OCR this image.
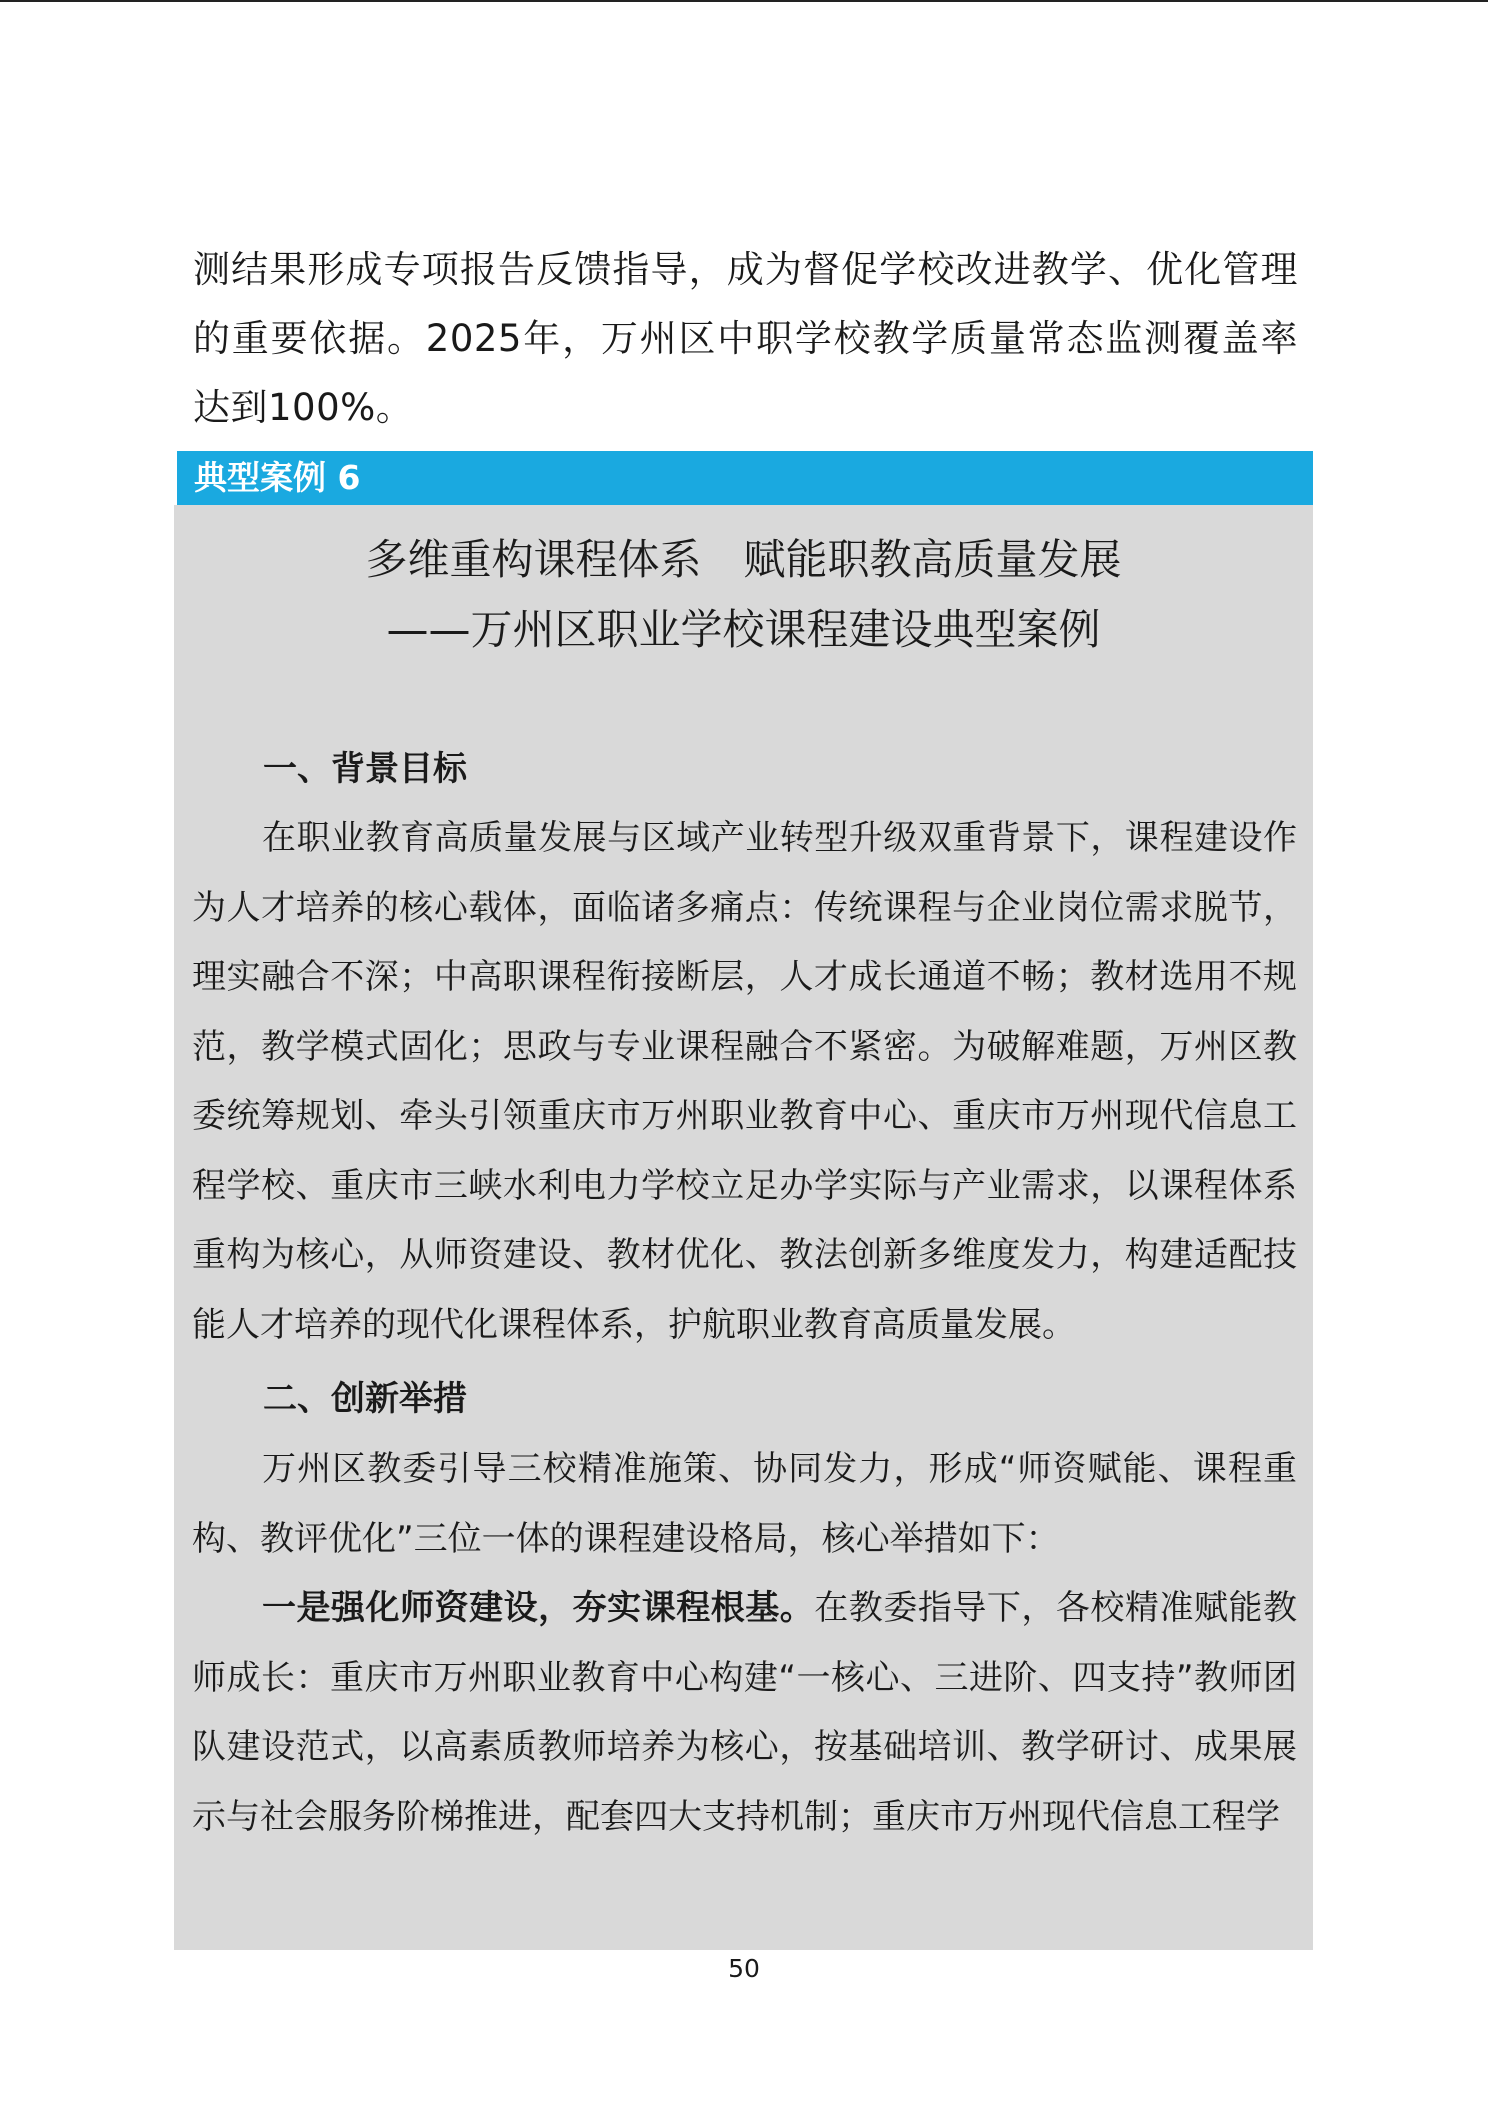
测结果形成专项报告反馈指导，成为督促学校改进教学、优化管理的重要依据。2025年，万州区中职学校教学质量常态监测覆盖率达到100%。

典型案例 6
多维重构课程体系　赋能职教高质量发展
——万州区职业学校课程建设典型案例
一、背景目标

在职业教育高质量发展与区域产业转型升级双重背景下，课程建设作为人才培养的核心载体，面临诸多痛点：传统课程与企业岗位需求脱节，理实融合不深；中高职课程衔接断层，人才成长通道不畅；教材选用不规范，教学模式固化；思政与专业课程融合不紧密。为破解难题，万州区教委统筹规划、牵头引领重庆市万州职业教育中心、重庆市万州现代信息工程学校、重庆市三峡水利电力学校立足办学实际与产业需求，以课程体系重构为核心，从师资建设、教材优化、教法创新多维度发力，构建适配技能人才培养的现代化课程体系，护航职业教育高质量发展。

二、创新举措

万州区教委引导三校精准施策、协同发力，形成“师资赋能、课程重构、教评优化”三位一体的课程建设格局，核心举措如下：

一是强化师资建设，夯实课程根基。在教委指导下，各校精准赋能教师成长：重庆市万州职业教育中心构建“一核心、三进阶、四支持”教师团队建设范式，以高素质教师培养为核心，按基础培训、教学研讨、成果展示与社会服务阶梯推进，配套四大支持机制；重庆市万州现代信息工程学

50
